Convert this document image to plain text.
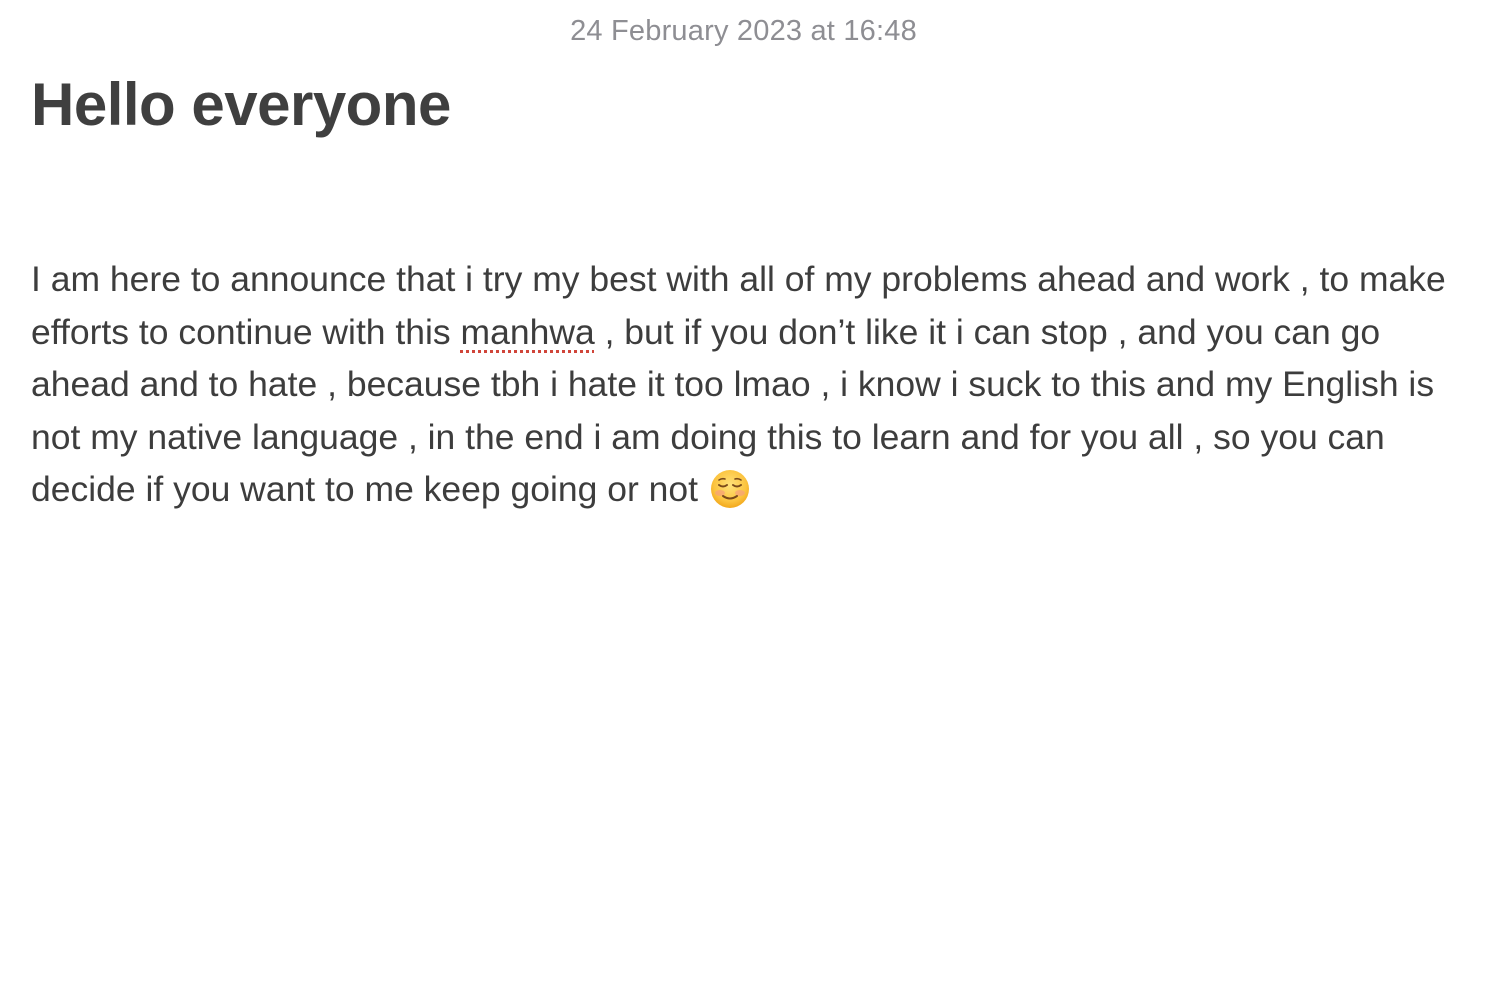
24 February 2023 at 16:48
Hello everyone

I am here to announce that i try my best with all of my problems ahead and work , to make efforts to continue with this manhwa , but if you don’t like it i can stop , and you can go ahead and to hate , because tbh i hate it too lmao , i know i suck to this and my English is not my native language , in the end i am doing this to learn and for you all , so you can decide if you want to me keep going or not
